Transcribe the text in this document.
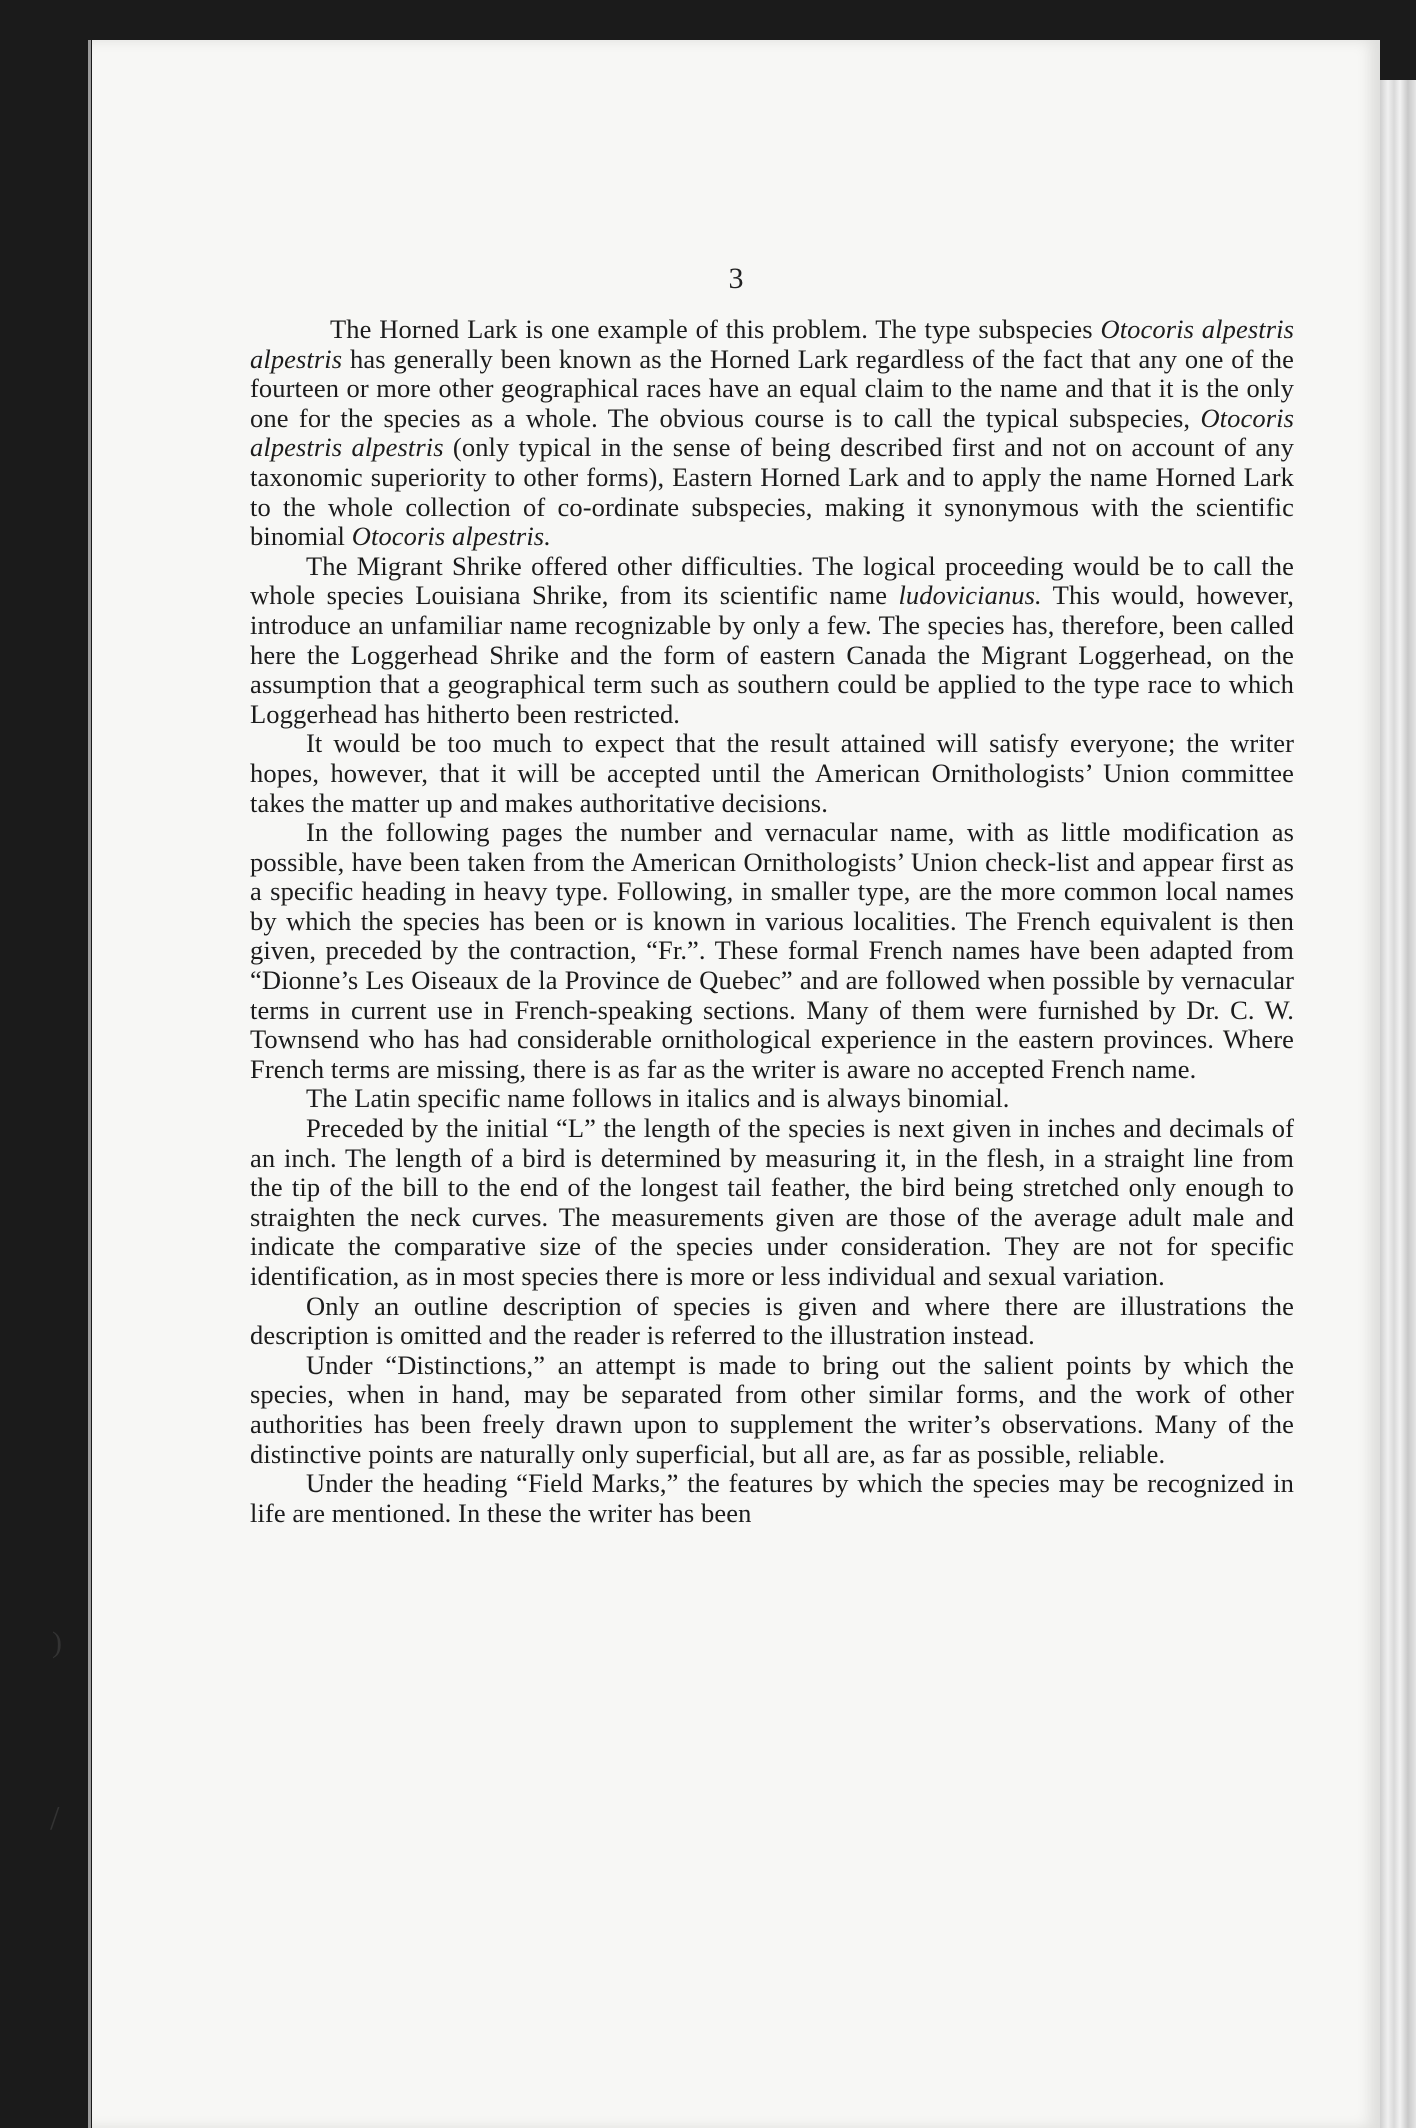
3

The Horned Lark is one example of this problem. The type subspecies Otocoris alpestris alpestris has generally been known as the Horned Lark regardless of the fact that any one of the fourteen or more other geographical races have an equal claim to the name and that it is the only one for the species as a whole. The obvious course is to call the typical subspecies, Otocoris alpestris alpestris (only typical in the sense of being described first and not on account of any taxonomic superiority to other forms), Eastern Horned Lark and to apply the name Horned Lark to the whole collection of co-ordinate subspecies, making it synonymous with the scientific binomial Otocoris alpestris.

The Migrant Shrike offered other difficulties. The logical proceeding would be to call the whole species Louisiana Shrike, from its scientific name ludovicianus. This would, however, introduce an unfamiliar name recognizable by only a few. The species has, therefore, been called here the Loggerhead Shrike and the form of eastern Canada the Migrant Loggerhead, on the assumption that a geographical term such as southern could be applied to the type race to which Loggerhead has hitherto been restricted.

It would be too much to expect that the result attained will satisfy everyone; the writer hopes, however, that it will be accepted until the American Ornithologists’ Union committee takes the matter up and makes authoritative decisions.

In the following pages the number and vernacular name, with as little modification as possible, have been taken from the American Ornithologists’ Union check-list and appear first as a specific heading in heavy type. Following, in smaller type, are the more common local names by which the species has been or is known in various localities. The French equivalent is then given, preceded by the contraction, “Fr.”. These formal French names have been adapted from “Dionne’s Les Oiseaux de la Province de Quebec” and are followed when possible by vernacular terms in current use in French-speaking sections. Many of them were furnished by Dr. C. W. Townsend who has had considerable ornithological experience in the eastern provinces. Where French terms are missing, there is as far as the writer is aware no accepted French name.

The Latin specific name follows in italics and is always binomial.

Preceded by the initial “L” the length of the species is next given in inches and decimals of an inch. The length of a bird is determined by measuring it, in the flesh, in a straight line from the tip of the bill to the end of the longest tail feather, the bird being stretched only enough to straighten the neck curves. The measurements given are those of the average adult male and indicate the comparative size of the species under consideration. They are not for specific identification, as in most species there is more or less individual and sexual variation.

Only an outline description of species is given and where there are illustrations the description is omitted and the reader is referred to the illustration instead.

Under “Distinctions,” an attempt is made to bring out the salient points by which the species, when in hand, may be separated from other similar forms, and the work of other authorities has been freely drawn upon to supplement the writer’s observations. Many of the distinctive points are naturally only superficial, but all are, as far as possible, reliable.

Under the heading “Field Marks,” the features by which the species may be recognized in life are mentioned. In these the writer has been

)
/
